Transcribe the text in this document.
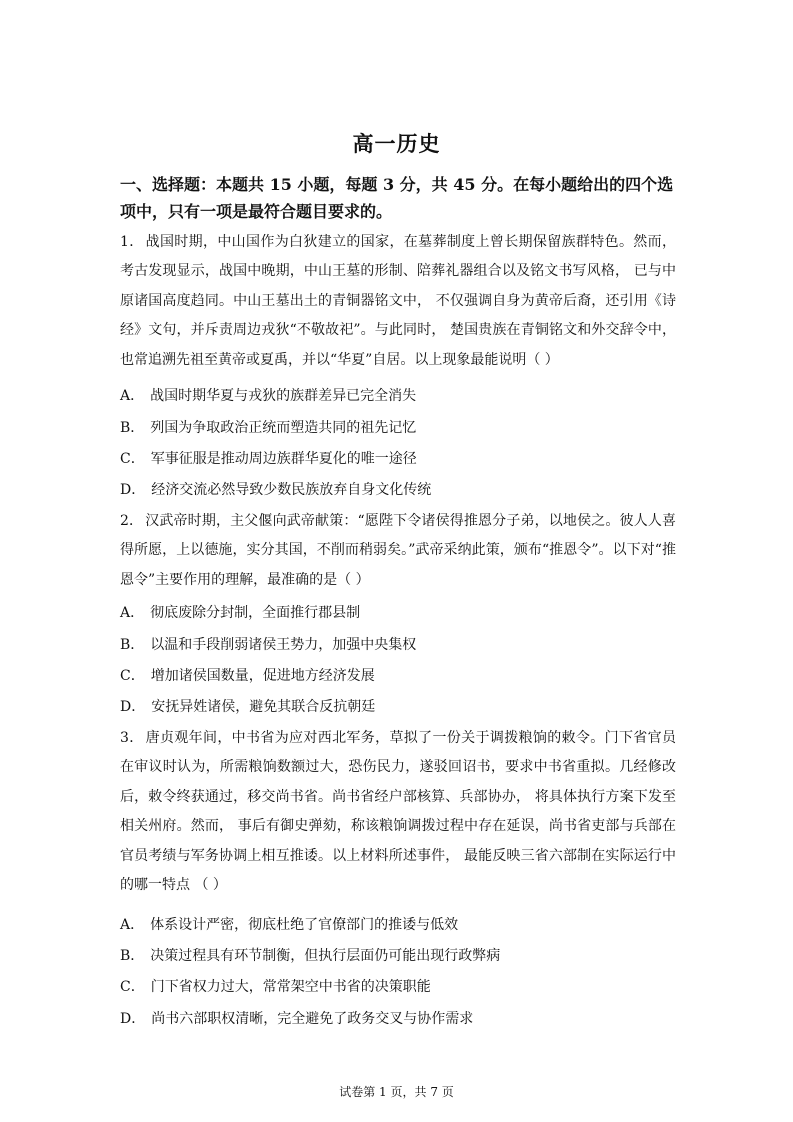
高一历史
一、选择题：本题共 15 小题，每题 3 分，共 45 分。在每小题给出的四个选项中，只有一项是最符合题目要求的。
1． 战国时期，中山国作为白狄建立的国家，在墓葬制度上曾长期保留族群特色。然而，考古发现显示，战国中晚期，中山王墓的形制、陪葬礼器组合以及铭文书写风格， 已与中原诸国高度趋同。中山王墓出土的青铜器铭文中， 不仅强调自身为黄帝后裔，还引用《诗经》文句，并斥责周边戎狄“不敬故祀”。与此同时， 楚国贵族在青铜铭文和外交辞令中，也常追溯先祖至黄帝或夏禹，并以“华夏”自居。以上现象最能说明（ ）
A． 战国时期华夏与戎狄的族群差异已完全消失
B． 列国为争取政治正统而塑造共同的祖先记忆
C． 军事征服是推动周边族群华夏化的唯一途径
D． 经济交流必然导致少数民族放弃自身文化传统
2． 汉武帝时期，主父偃向武帝献策：“愿陛下令诸侯得推恩分子弟，以地侯之。彼人人喜得所愿，上以德施，实分其国，不削而稍弱矣。”武帝采纳此策，颁布“推恩令”。以下对“推恩令”主要作用的理解，最准确的是（ ）
A． 彻底废除分封制，全面推行郡县制
B． 以温和手段削弱诸侯王势力，加强中央集权
C． 增加诸侯国数量，促进地方经济发展
D． 安抚异姓诸侯，避免其联合反抗朝廷
3． 唐贞观年间，中书省为应对西北军务，草拟了一份关于调拨粮饷的敕令。门下省官员在审议时认为，所需粮饷数额过大，恐伤民力，遂驳回诏书，要求中书省重拟。几经修改后，敕令终获通过，移交尚书省。尚书省经户部核算、兵部协办， 将具体执行方案下发至相关州府。然而， 事后有御史弹劾，称该粮饷调拨过程中存在延误，尚书省吏部与兵部在官员考绩与军务协调上相互推诿。以上材料所述事件， 最能反映三省六部制在实际运行中的哪一特点 （ ）
A． 体系设计严密，彻底杜绝了官僚部门的推诿与低效
B． 决策过程具有环节制衡，但执行层面仍可能出现行政弊病
C． 门下省权力过大，常常架空中书省的决策职能
D． 尚书六部职权清晰，完全避免了政务交叉与协作需求
试卷第 1 页，共 7 页
